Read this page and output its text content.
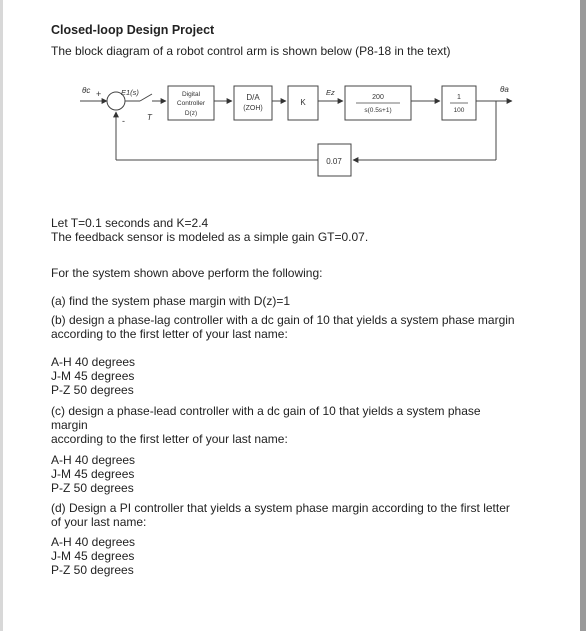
Closed-loop Design Project
The block diagram of a robot control arm is shown below (P8-18 in the text)
θc +
-
E1(s)
T
Digital
Controller
D(z)
D/A
(ZOH)
K
Ez
200
s(0.5s+1)
1
100
θa
0.07
Let T=0.1 seconds and K=2.4
The feedback sensor is modeled as a simple gain GT=0.07.
For the system shown above perform the following:
(a) find the system phase margin with D(z)=1
(b) design a phase-lag controller with a dc gain of 10 that yields a system phase margin
according to the first letter of your last name:
A-H 40 degrees
J-M 45 degrees
P-Z 50 degrees
(c) design a phase-lead controller with a dc gain of 10 that yields a system phase
margin
according to the first letter of your last name:
A-H 40 degrees
J-M 45 degrees
P-Z 50 degrees
(d) Design a PI controller that yields a system phase margin according to the first letter
of your last name:
A-H 40 degrees
J-M 45 degrees
P-Z 50 degrees
